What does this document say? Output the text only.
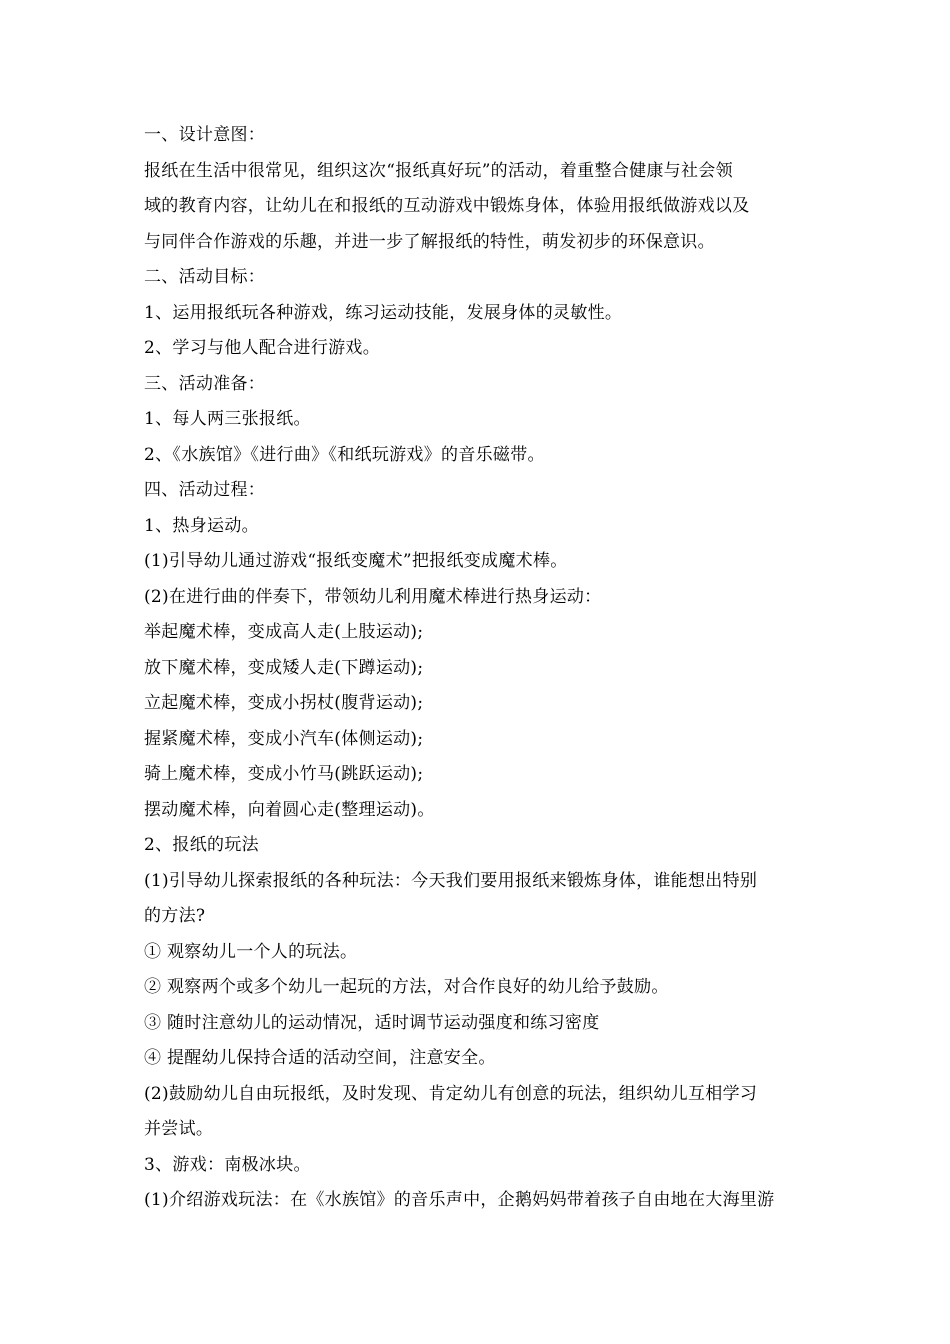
一、设计意图：
报纸在生活中很常见，组织这次“报纸真好玩”的活动，着重整合健康与社会领
域的教育内容，让幼儿在和报纸的互动游戏中锻炼身体，体验用报纸做游戏以及
与同伴合作游戏的乐趣，并进一步了解报纸的特性，萌发初步的环保意识。
二、活动目标：
1、运用报纸玩各种游戏，练习运动技能，发展身体的灵敏性。
2、学习与他人配合进行游戏。
三、活动准备：
1、每人两三张报纸。
2、《水族馆》《进行曲》《和纸玩游戏》的音乐磁带。
四、活动过程：
1、热身运动。
(1)引导幼儿通过游戏“报纸变魔术”把报纸变成魔术棒。
(2)在进行曲的伴奏下，带领幼儿利用魔术棒进行热身运动：
举起魔术棒，变成高人走(上肢运动);
放下魔术棒，变成矮人走(下蹲运动);
立起魔术棒，变成小拐杖(腹背运动);
握紧魔术棒，变成小汽车(体侧运动);
骑上魔术棒，变成小竹马(跳跃运动);
摆动魔术棒，向着圆心走(整理运动)。
2、报纸的玩法
(1)引导幼儿探索报纸的各种玩法：今天我们要用报纸来锻炼身体，谁能想出特别
的方法?
① 观察幼儿一个人的玩法。
② 观察两个或多个幼儿一起玩的方法，对合作良好的幼儿给予鼓励。
③ 随时注意幼儿的运动情况，适时调节运动强度和练习密度
④ 提醒幼儿保持合适的活动空间，注意安全。
(2)鼓励幼儿自由玩报纸，及时发现、肯定幼儿有创意的玩法，组织幼儿互相学习
并尝试。
3、游戏：南极冰块。
(1)介绍游戏玩法：在《水族馆》的音乐声中，企鹅妈妈带着孩子自由地在大海里游
